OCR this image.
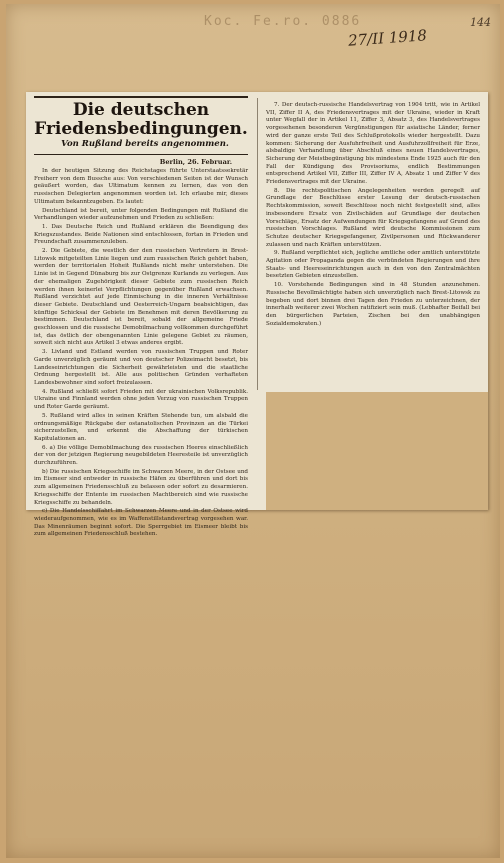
Koc. Fe.ro. 0886	144
27/II 1918
Die deutschen Friedensbedingungen.

Von Rußland bereits angenommen.

Berlin, 26. Februar.

In der heutigen Sitzung des Reichstages führte Unterstaatssekretär Freiherr von dem Bussche aus: Von verschiedenen Seiten ist der Wunsch geäußert worden, das Ultimatum kennen zu lernen, das von den russischen Delegierten angenommen worden ist. Ich erlaube mir, dieses Ultimatum bekanntzugeben. Es lautet:

Deutschland ist bereit, unter folgenden Bedingungen mit Rußland die Verhandlungen wieder aufzunehmen und Frieden zu schließen:

1. Das Deutsche Reich und Rußland erklären die Beendigung des Kriegszustandes. Beide Nationen sind entschlossen, fortan in Frieden und Freundschaft zusammenzuleben.

2. Die Gebiete, die westlich der den russischen Vertretern in Brest-Litowsk mitgeteilten Linie liegen und zum russischen Reich gehört haben, werden der territorialen Hoheit Rußlands nicht mehr unterstehen. Die Linie ist in Gegend Dünaburg bis zur Ostgrenze Kurlands zu verlegen. Aus der ehemaligen Zugehörigkeit dieser Gebiete zum russischen Reich werden ihnen keinerlei Verpflichtungen gegenüber Rußland erwachsen. Rußland verzichtet auf jede Einmischung in die inneren Verhältnisse dieser Gebiete. Deutschland und Oesterreich-Ungarn beabsichtigen, das künftige Schicksal der Gebiete im Benehmen mit deren Bevölkerung zu bestimmen. Deutschland ist bereit, sobald der allgemeine Friede geschlossen und die russische Demobilmachung vollkommen durchgeführt ist, das östlich der obengenannten Linie gelegene Gebiet zu räumen, soweit sich nicht aus Artikel 3 etwas anderes ergibt.

3. Livland und Estland werden von russischen Truppen und Roter Garde unverzüglich geräumt und von deutscher Polizeimacht besetzt, bis Landeseinrichtungen die Sicherheit gewährleisten und die staatliche Ordnung hergestellt ist. Alle aus politischen Gründen verhafteten Landesbewohner sind sofort freizulassen.

4. Rußland schließt sofort Frieden mit der ukrainischen Volksrepublik. Ukraine und Finnland werden ohne jeden Verzug von russischen Truppen und Roter Garde geräumt.

5. Rußland wird alles in seinen Kräften Stehende tun, um alsbald die ordnungsmäßige Rückgabe der ostanatolischen Provinzen an die Türkei sicherzustellen, und erkennt die Abschaffung der türkischen Kapitulationen an.

6. a) Die völlige Demobilmachung des russischen Heeres einschließlich der von der jetzigen Regierung neugebildeten Heeresteile ist unverzüglich durchzuführen.

b) Die russischen Kriegsschiffe im Schwarzen Meere, in der Ostsee und im Eismeer sind entweder in russische Häfen zu überführen und dort bis zum allgemeinen Friedensschluß zu belassen oder sofort zu desarmieren. Kriegsschiffe der Entente im russischen Machtbereich sind wie russische Kriegsschiffe zu behandeln.

c) Die Handelsschiffahrt im Schwarzen Meere und in der Ostsee wird wiederaufgenommen, wie es im Waffenstillstandsvertrag vorgesehen war. Das Minenräumen beginnt sofort. Die Sperrgebiet im Eismeer bleibt bis zum allgemeinen Friedensschluß bestehen.

7. Der deutsch-russische Handelsvertrag von 1904 tritt, wie in Artikel VII, Ziffer II A, des Friedensvertrages mit der Ukraine, wieder in Kraft unter Wegfall der in Artikel 11, Ziffer 3, Absatz 3, des Handelsvertrages vorgesehenen besonderen Vergünstigungen für asiatische Länder, ferner wird der ganze erste Teil des Schlußprotokolls wieder hergestellt. Dazu kommen: Sicherung der Ausfuhrfreiheit und Ausfuhrzollfreiheit für Erze, alsbaldige Verhandlung über Abschluß eines neuen Handelsvertrages, Sicherung der Meistbegünstigung bis mindestens Ende 1925 auch für den Fall der Kündigung des Provisoriums, endlich Bestimmungen entsprechend Artikel VII, Ziffer III, Ziffer IV A, Absatz 1 und Ziffer V des Friedensvertrages mit der Ukraine.

8. Die rechtspolitischen Angelegenheiten werden geregelt auf Grundlage der Beschlüsse erster Lesung der deutsch-russischen Rechtskommission, soweit Beschlüsse noch nicht festgestellt sind, alles insbesondere Ersatz von Zivilschäden auf Grundlage der deutschen Vorschläge, Ersatz der Aufwendungen für Kriegsgefangene auf Grund des russischen Vorschlages. Rußland wird deutsche Kommissionen zum Schutze deutscher Kriegsgefangener, Zivilpersonen und Rückwanderer zulassen und nach Kräften unterstützen.

9. Rußland verpflichtet sich, jegliche amtliche oder amtlich unterstützte Agitation oder Propaganda gegen die verbündeten Regierungen und ihre Staats- und Heereseinrichtungen auch in den von den Zentralmächten besetzten Gebieten einzustellen.

10. Vorstehende Bedingungen sind in 48 Stunden anzunehmen. Russische Bevollmächtigte haben sich unverzüglich nach Brest-Litowsk zu begeben und dort binnen drei Tagen den Frieden zu unterzeichnen, der innerhalb weiterer zwei Wochen ratifiziert sein muß. (Lebhafter Beifall bei den bürgerlichen Parteien, Zischen bei den unabhängigen Sozialdemokraten.)
